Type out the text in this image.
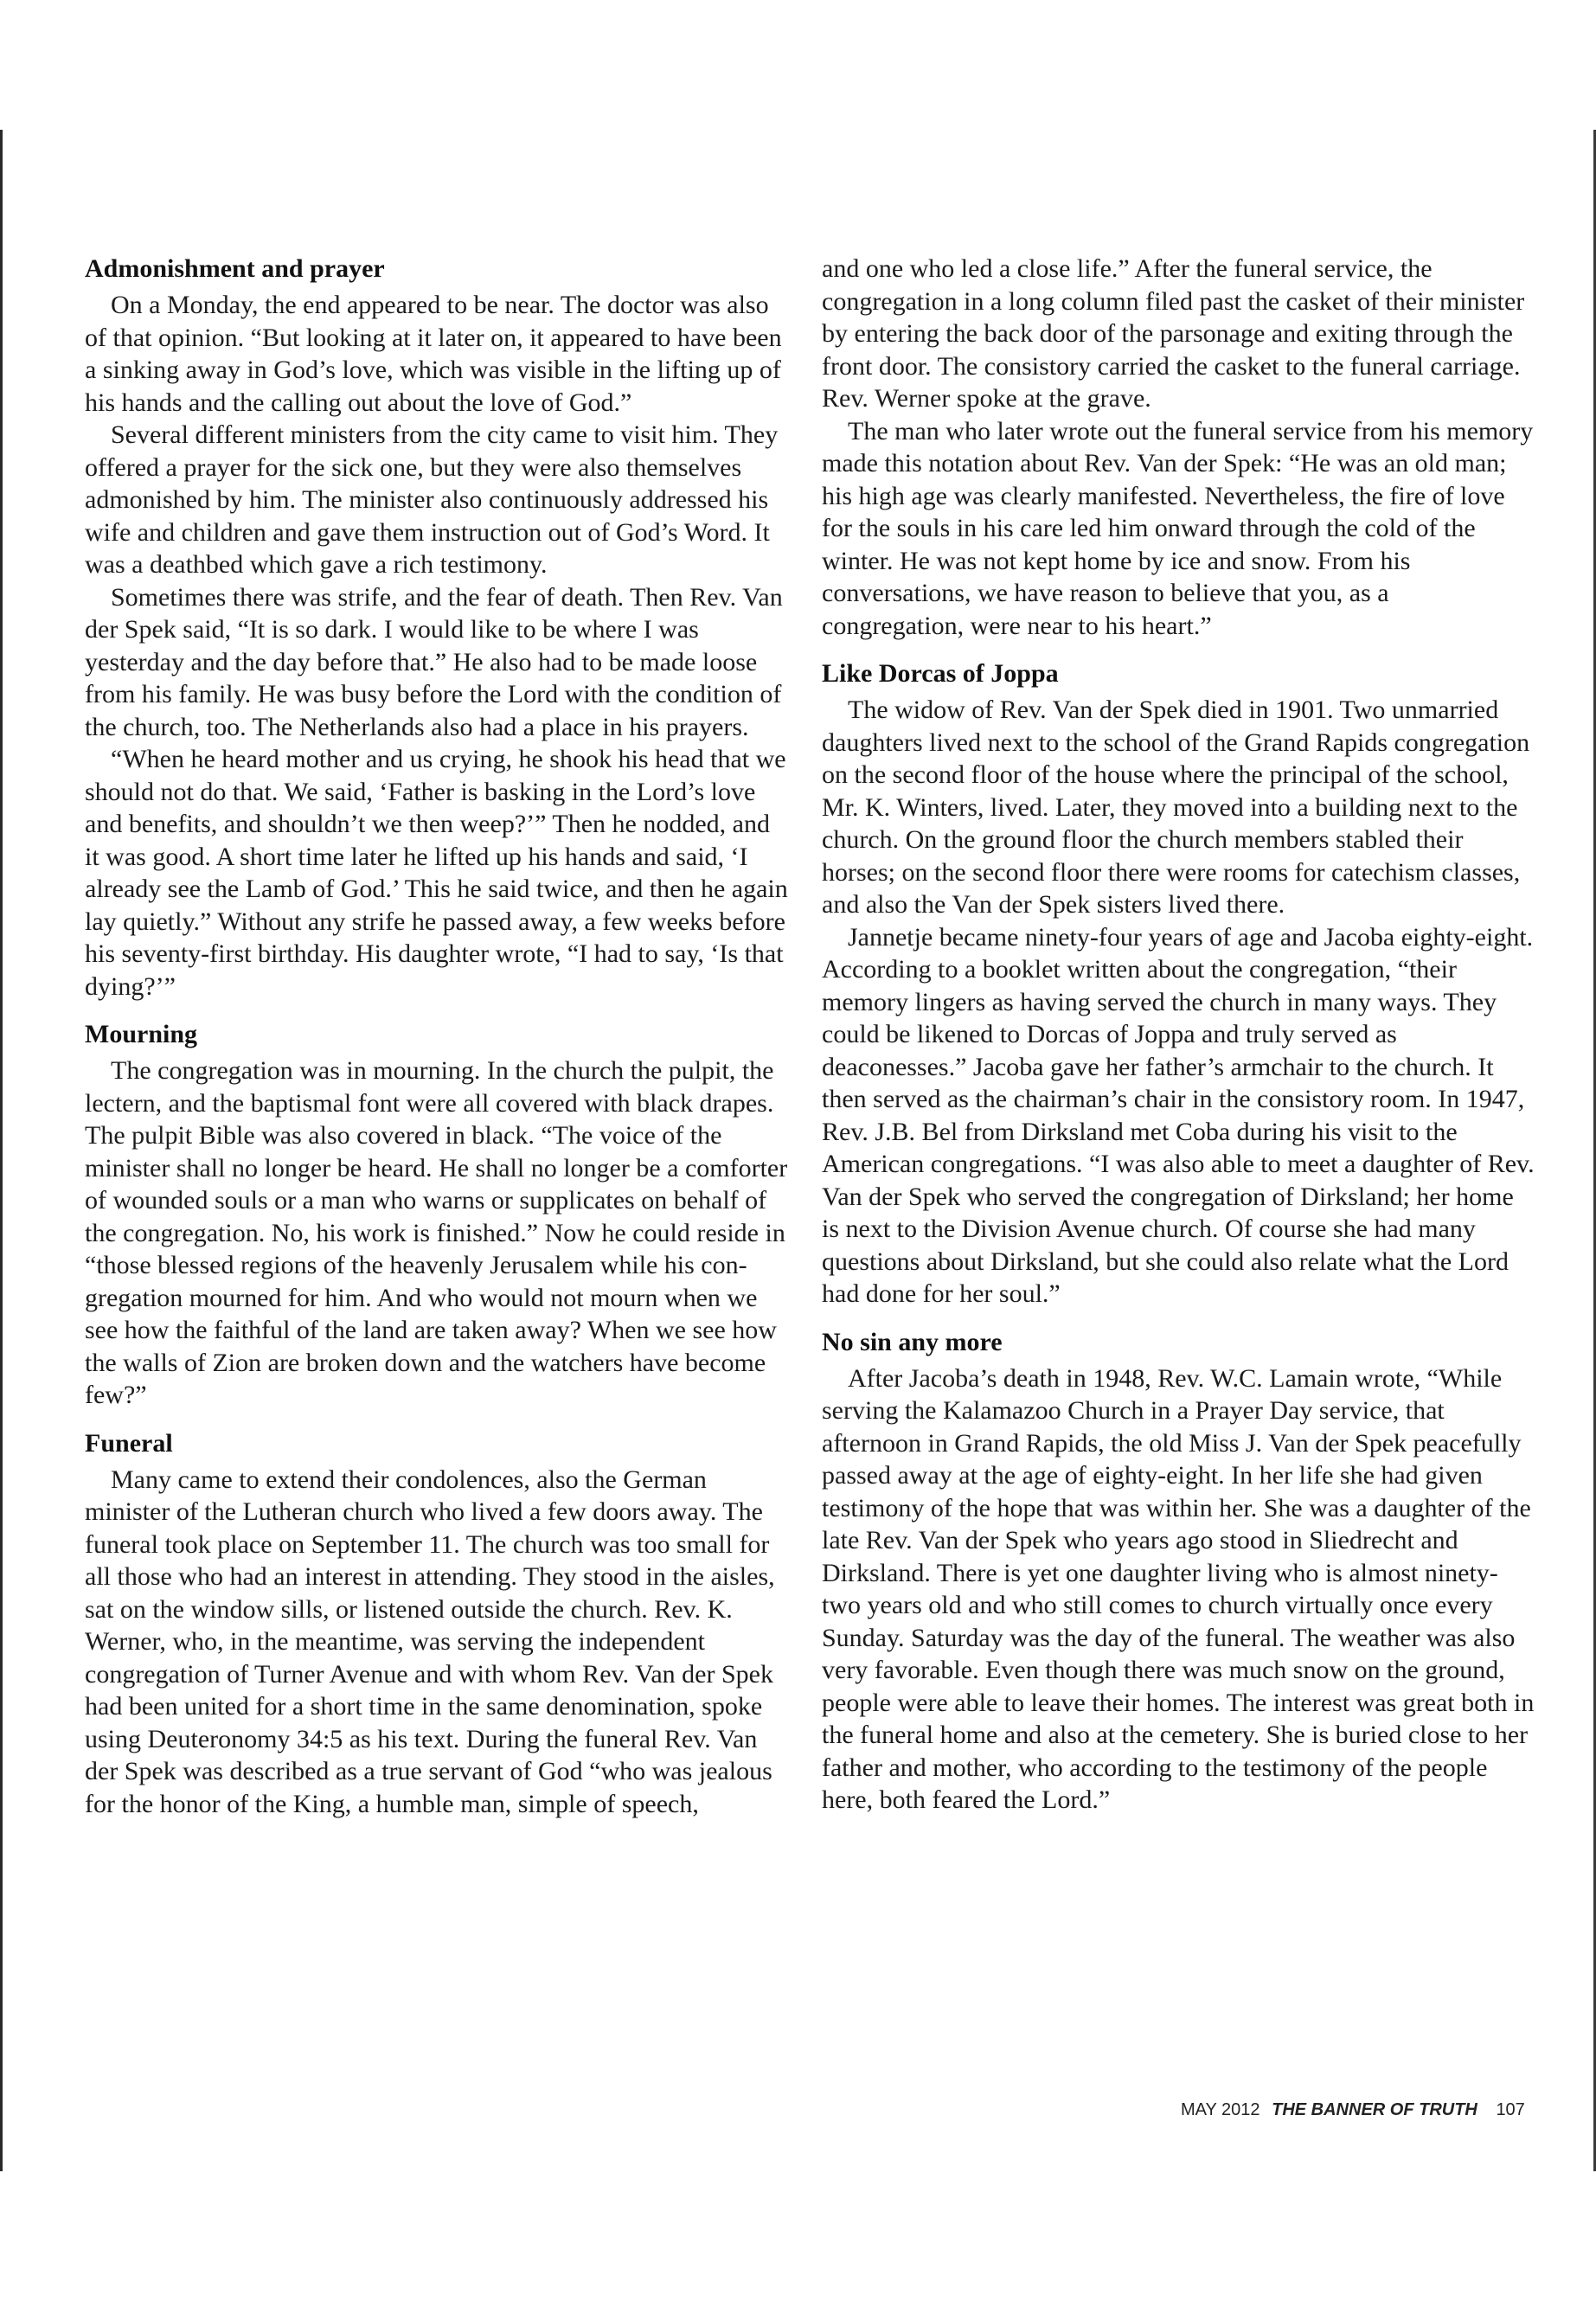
Admonishment and prayer

On a Monday, the end appeared to be near. The doctor was also of that opinion. “But looking at it later on, it appeared to have been a sinking away in God’s love, which was visible in the lifting up of his hands and the calling out about the love of God.”

Several different ministers from the city came to visit him. They offered a prayer for the sick one, but they were also themselves admonished by him. The minister also continuously addressed his wife and children and gave them instruction out of God’s Word. It was a deathbed which gave a rich testimony.

Sometimes there was strife, and the fear of death. Then Rev. Van der Spek said, “It is so dark. I would like to be where I was yesterday and the day before that.” He also had to be made loose from his family. He was busy before the Lord with the condition of the church, too. The Netherlands also had a place in his prayers.

“When he heard mother and us crying, he shook his head that we should not do that. We said, ‘Father is basking in the Lord’s love and benefits, and shouldn’t we then weep?’” Then he nodded, and it was good. A short time later he lifted up his hands and said, ‘I already see the Lamb of God.’ This he said twice, and then he again lay quietly.” Without any strife he passed away, a few weeks before his seventy-first birthday. His daughter wrote, “I had to say, ‘Is that dying?’”

Mourning

The congregation was in mourning. In the church the pulpit, the lectern, and the baptismal font were all covered with black drapes. The pulpit Bible was also covered in black. “The voice of the minister shall no longer be heard. He shall no longer be a comforter of wounded souls or a man who warns or supplicates on behalf of the congregation. No, his work is finished.” Now he could reside in “those blessed regions of the heavenly Jerusalem while his congregation mourned for him. And who would not mourn when we see how the faithful of the land are taken away? When we see how the walls of Zion are broken down and the watchers have become few?”

Funeral

Many came to extend their condolences, also the German minister of the Lutheran church who lived a few doors away. The funeral took place on September 11. The church was too small for all those who had an interest in attending. They stood in the aisles, sat on the window sills, or listened outside the church. Rev. K. Werner, who, in the meantime, was serving the independent congregation of Turner Avenue and with whom Rev. Van der Spek had been united for a short time in the same denomination, spoke using Deuteronomy 34:5 as his text. During the funeral Rev. Van der Spek was described as a true servant of God “who was jealous for the honor of the King, a humble man, simple of speech,

and one who led a close life.” After the funeral service, the congregation in a long column filed past the casket of their minister by entering the back door of the parsonage and exiting through the front door. The consistory carried the casket to the funeral carriage. Rev. Werner spoke at the grave.

The man who later wrote out the funeral service from his memory made this notation about Rev. Van der Spek: “He was an old man; his high age was clearly manifested. Nevertheless, the fire of love for the souls in his care led him onward through the cold of the winter. He was not kept home by ice and snow. From his conversations, we have reason to believe that you, as a congregation, were near to his heart.”

Like Dorcas of Joppa

The widow of Rev. Van der Spek died in 1901. Two unmarried daughters lived next to the school of the Grand Rapids congregation on the second floor of the house where the principal of the school, Mr. K. Winters, lived. Later, they moved into a building next to the church. On the ground floor the church members stabled their horses; on the second floor there were rooms for catechism classes, and also the Van der Spek sisters lived there.

Jannetje became ninety-four years of age and Jacoba eighty-eight. According to a booklet written about the congregation, “their memory lingers as having served the church in many ways. They could be likened to Dorcas of Joppa and truly served as deaconesses.” Jacoba gave her father’s armchair to the church. It then served as the chairman’s chair in the consistory room. In 1947, Rev. J.B. Bel from Dirksland met Coba during his visit to the American congregations. “I was also able to meet a daughter of Rev. Van der Spek who served the congregation of Dirksland; her home is next to the Division Avenue church. Of course she had many questions about Dirksland, but she could also relate what the Lord had done for her soul.”

No sin any more

After Jacoba’s death in 1948, Rev. W.C. Lamain wrote, “While serving the Kalamazoo Church in a Prayer Day service, that afternoon in Grand Rapids, the old Miss J. Van der Spek peacefully passed away at the age of eighty-eight. In her life she had given testimony of the hope that was within her. She was a daughter of the late Rev. Van der Spek who years ago stood in Sliedrecht and Dirksland. There is yet one daughter living who is almost ninety-two years old and who still comes to church virtually once every Sunday. Saturday was the day of the funeral. The weather was also very favorable. Even though there was much snow on the ground, people were able to leave their homes. The interest was great both in the funeral home and also at the cemetery. She is buried close to her father and mother, who according to the testimony of the people here, both feared the Lord.”

MAY 2012 THE BANNER OF TRUTH 107
